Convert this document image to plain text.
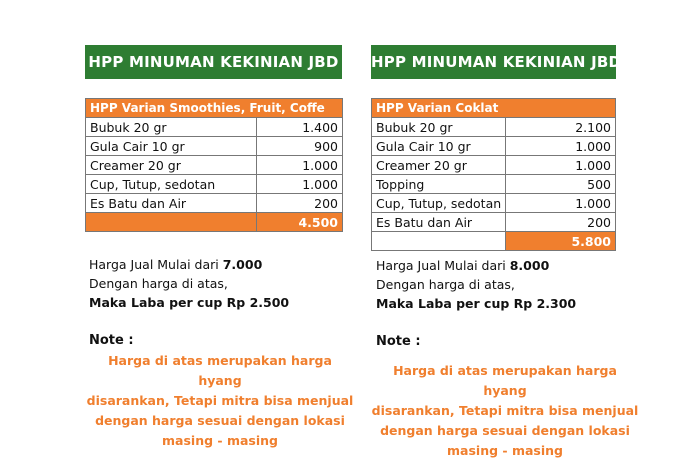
HPP MINUMAN KEKINIAN JBD
HPP Varian Smoothies, Fruit, Coffe	
Bubuk 20 gr	1.400
Gula Cair 10 gr	900
Creamer 20 gr	1.000
Cup, Tutup, sedotan	1.000
Es Batu dan Air	200
	4.500
Harga Jual Mulai dari 7.000
Dengan harga di atas,
Maka Laba per cup Rp 2.500
Note :
Harga di atas merupakan harga hyang
disarankan, Tetapi mitra bisa menjual
dengan harga sesuai dengan lokasi
masing - masing
HPP MINUMAN KEKINIAN JBD
HPP Varian Coklat	
Bubuk 20 gr	2.100
Gula Cair 10 gr	1.000
Creamer 20 gr	1.000
Topping	500
Cup, Tutup, sedotan	1.000
Es Batu dan Air	200
	5.800
Harga Jual Mulai dari 8.000
Dengan harga di atas,
Maka Laba per cup Rp 2.300
Note :
Harga di atas merupakan harga hyang
disarankan, Tetapi mitra bisa menjual
dengan harga sesuai dengan lokasi
masing - masing
